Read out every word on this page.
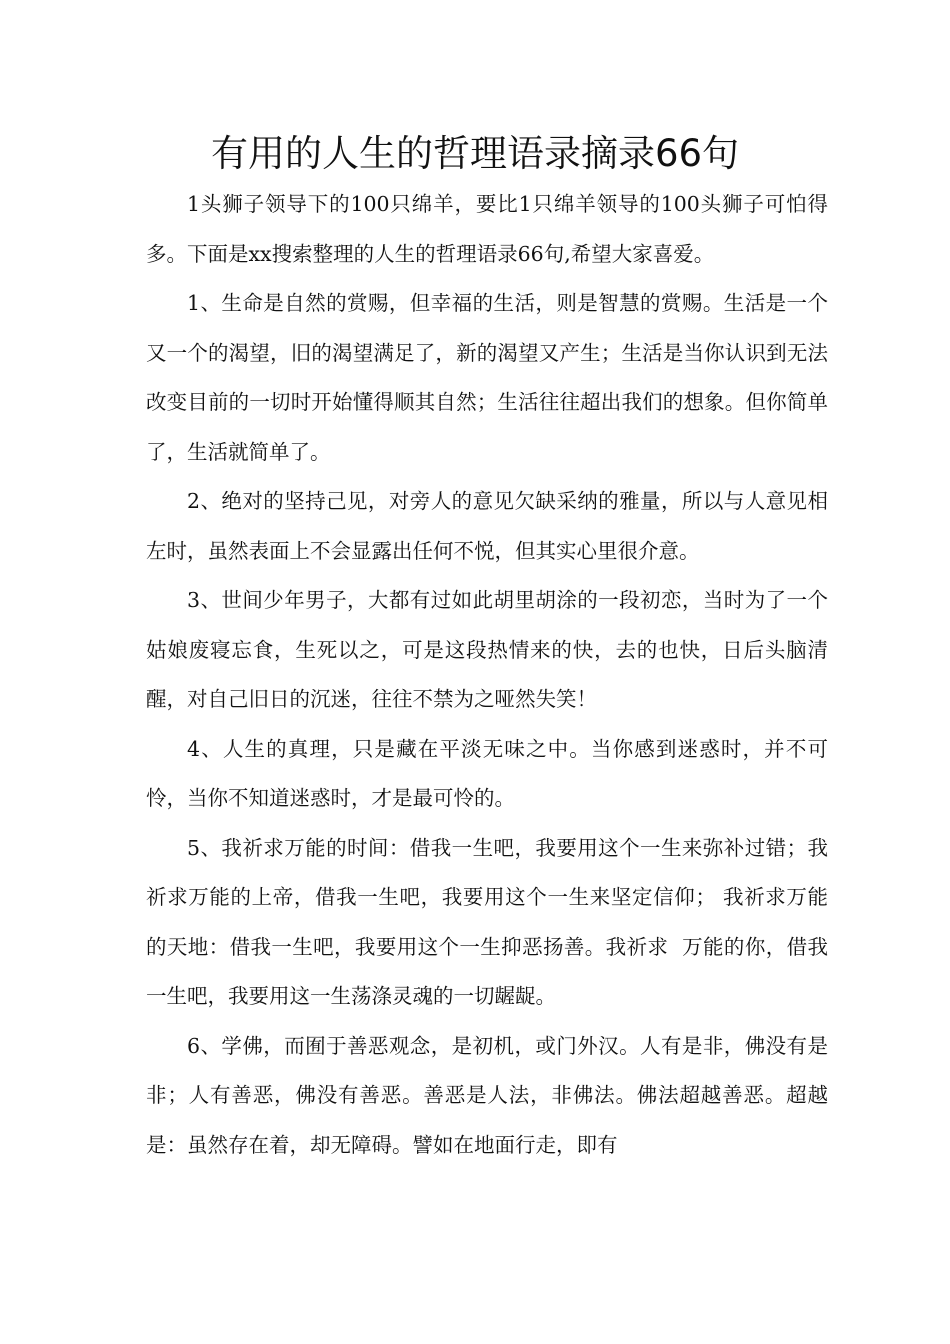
有用的人生的哲理语录摘录66句

1头狮子领导下的100只绵羊，要比1只绵羊领导的100头狮子可怕得多。下面是xx搜索整理的人生的哲理语录66句,希望大家喜爱。

1、生命是自然的赏赐，但幸福的生活，则是智慧的赏赐。生活是一个又一个的渴望，旧的渴望满足了，新的渴望又产生；生活是当你认识到无法改变目前的一切时开始懂得顺其自然；生活往往超出我们的想象。但你简单了，生活就简单了。

2、绝对的坚持己见，对旁人的意见欠缺采纳的雅量，所以与人意见相左时，虽然表面上不会显露出任何不悦，但其实心里很介意。

3、世间少年男子，大都有过如此胡里胡涂的一段初恋，当时为了一个姑娘废寝忘食，生死以之，可是这段热情来的快，去的也快，日后头脑清醒，对自己旧日的沉迷，往往不禁为之哑然失笑！

4、人生的真理，只是藏在平淡无味之中。当你感到迷惑时，并不可怜，当你不知道迷惑时，才是最可怜的。

5、我祈求万能的时间：借我一生吧，我要用这个一生来弥补过错；我祈求万能的上帝，借我一生吧，我要用这个一生来坚定信仰； 我祈求万能的天地：借我一生吧，我要用这个一生抑恶扬善。我祈求  万能的你，借我一生吧，我要用这一生荡涤灵魂的一切龌龊。

6、学佛，而囿于善恶观念，是初机，或门外汉。人有是非，佛没有是非；人有善恶，佛没有善恶。善恶是人法，非佛法。佛法超越善恶。超越是：虽然存在着，却无障碍。譬如在地面行走，即有
